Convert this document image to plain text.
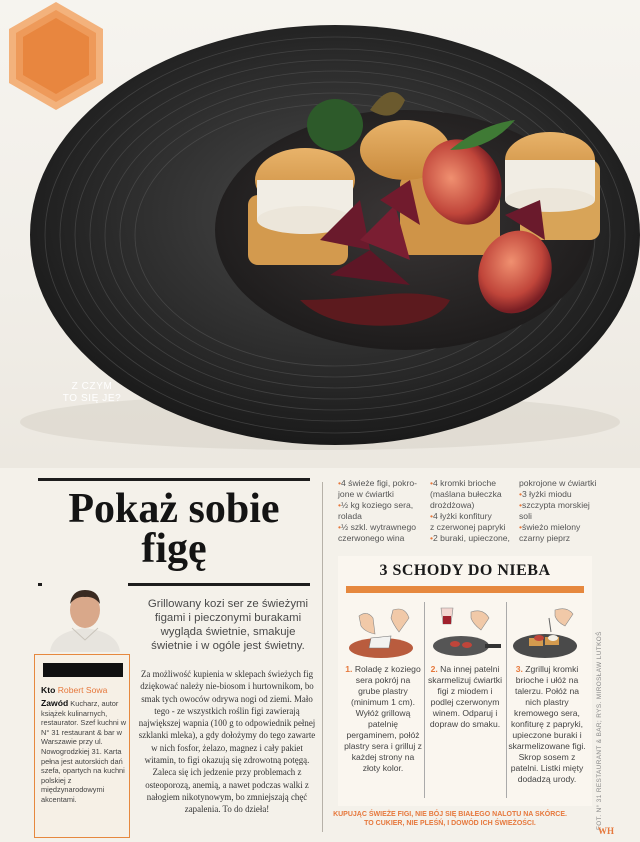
Z CZYM
TO SIĘ JE?
Pokaż sobie
figę
•4 świeże figi, pokro-
jone w ćwiartki
•½ kg koziego sera,
rolada
•½ szkl. wytrawnego
czerwonego wina
•4 kromki brioche
(maślana bułeczka
drożdżowa)
•4 łyżki konfitury
z czerwonej papryki
•2 buraki, upieczone,
pokrojone w ćwiartki
•3 łyżki miodu
•szczypta morskiej
soli
•świeżo mielony
czarny pieprz
Kto Robert Sowa
Zawód Kucharz, autor książek kulinarnych, restaurator. Szef kuchni w N° 31 restaurant & bar w Warszawie przy ul. Nowogrodzkiej 31. Karta pełna jest autorskich dań szefa, opartych na kuchni polskiej z międzynarodowymi akcentami.
Grillowany kozi ser ze świeżymi figami i pieczonymi burakami wygląda świetnie, smakuje świetnie i w ogóle jest świetny.
Za możliwość kupienia w sklepach świeżych fig dziękować należy nie-biosom i hurtownikom, bo smak tych owoców odrywa nogi od ziemi. Mało tego - ze wszystkich roślin figi zawierają największej wapnia (100 g to odpowiednik pełnej szklanki mleka), a gdy dołożymy do tego zawarte w nich fosfor, żelazo, magnez i cały pakiet witamin, to figi okazują się zdrowotną potęgą. Zaleca się ich jedzenie przy problemach z osteoporozą, anemią, a nawet podczas walki z nałogiem nikotynowym, bo zmniejszają chęć zapalenia. To do dzieła!
3 SCHODY DO NIEBA
1. Roladę z koziego sera pokrój na grube plastry (minimum 1 cm). Wyłóż grillową patelnię pergaminem, połóż plastry sera i grilluj z każdej strony na złoty kolor.
2. Na innej patelni skarmelizuj ćwiartki figi z miodem i podlej czerwonym winem. Odparuj i dopraw do smaku.
3. Zgrilluj kromki brioche i ułóż na talerzu. Połóż na nich plastry kremowego sera, konfiturę z papryki, upieczone buraki i skarmelizowane figi. Skrop sosem z patelni. Listki mięty dodadzą urody.
KUPUJĄC ŚWIEŻE FIGI, NIE BÓJ SIĘ BIAŁEGO NALOTU NA SKÓRCE. TO CUKIER, NIE PLEŚŃ, I DOWÓD ICH ŚWIEŻOŚCI.	FOT. N° 31 RESTAURANT & BAR; RYS. MIROSŁAW LUTKOŚ
WH
